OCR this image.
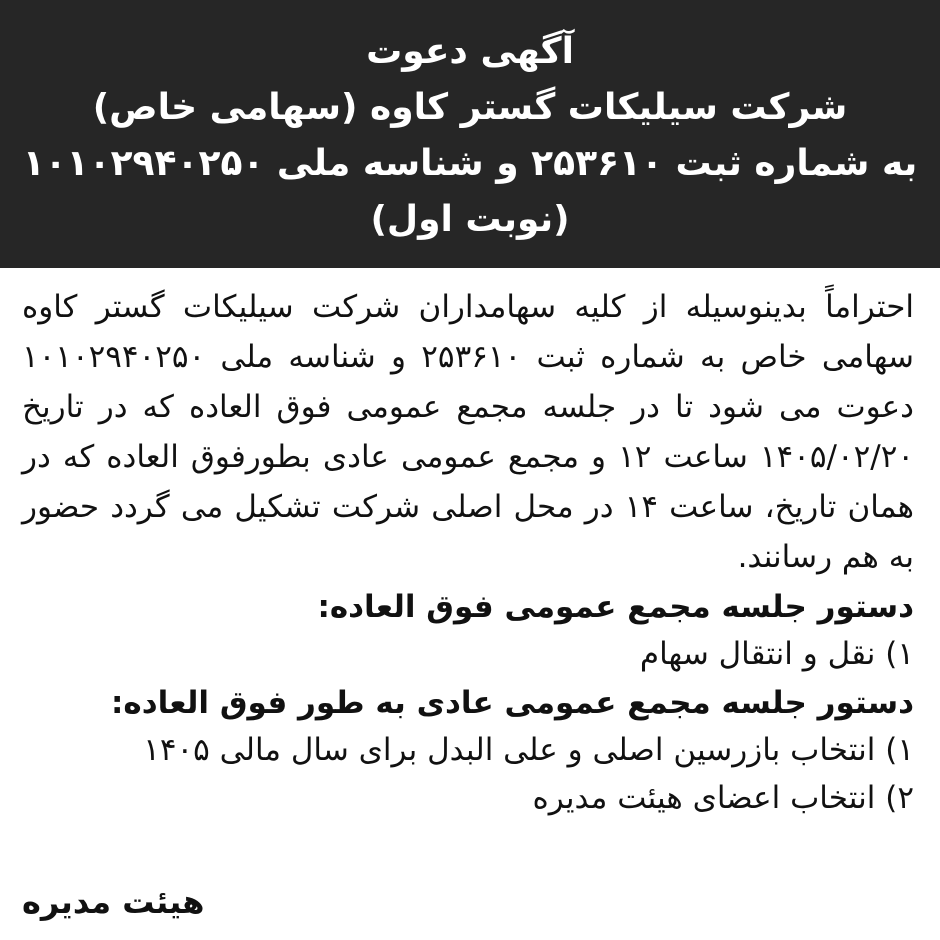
آگهی دعوت
شرکت سیلیکات گستر کاوه (سهامی خاص)
به شماره ثبت ۲۵۳۶۱۰ و شناسه ملی ۱۰۱۰۲۹۴۰۲۵۰
(نوبت اول)

احتراماً بدینوسیله از کلیه سهامداران شرکت سیلیکات گستر کاوه سهامی خاص به شماره ثبت ۲۵۳۶۱۰ و شناسه ملی ۱۰۱۰۲۹۴۰۲۵۰ دعوت می شود تا در جلسه مجمع عمومی فوق العاده که در تاریخ ۱۴۰۵/۰۲/۲۰ ساعت ۱۲ و مجمع عمومی عادی بطورفوق العاده که در همان تاریخ، ساعت ۱۴ در محل اصلی شرکت تشکیل می گردد حضور به هم رسانند.

دستور جلسه مجمع عمومی فوق العاده:
۱) نقل و انتقال سهام
دستور جلسه مجمع عمومی عادی به طور فوق العاده:
۱) انتخاب بازرسین اصلی و علی البدل برای سال مالی ۱۴۰۵
۲) انتخاب اعضای هیئت مدیره
هیئت مدیره
